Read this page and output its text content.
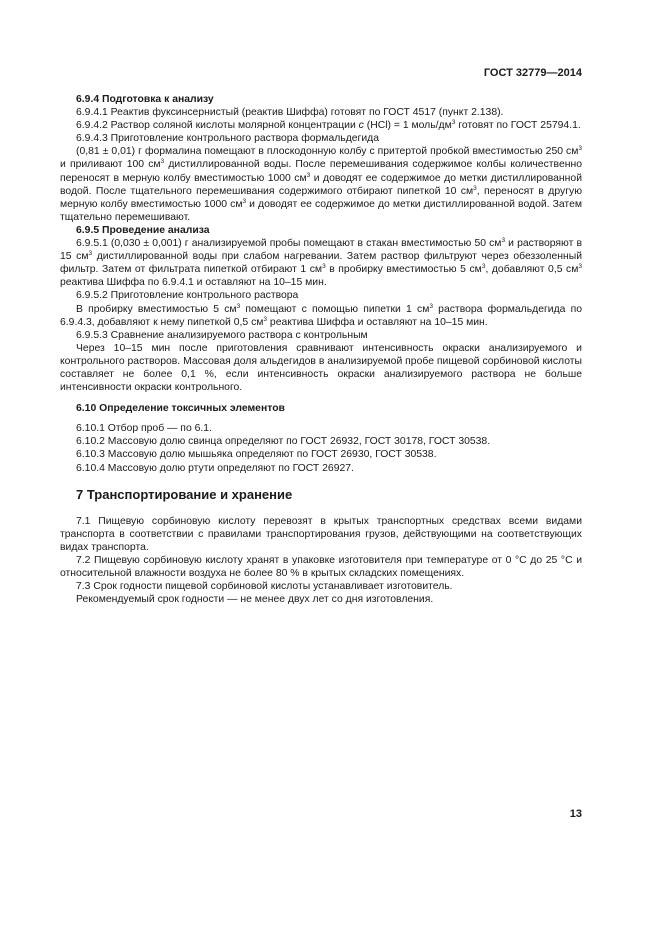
ГОСТ 32779—2014

6.9.4 Подготовка к анализу

6.9.4.1 Реактив фуксинсернистый (реактив Шиффа) готовят по ГОСТ 4517 (пункт 2.138).

6.9.4.2 Раствор соляной кислоты молярной концентрации c (HCl) = 1 моль/$дм^3$ готовят по ГОСТ 25794.1.

6.9.4.3 Приготовление контрольного раствора формальдегида

(0,81 ± 0,01) г формалина помещают в плоскодонную колбу с притертой пробкой вместимостью 250 $см^3$ и приливают 100 $см^3$ дистиллированной воды. После перемешивания содержимое колбы количественно переносят в мерную колбу вместимостью 1000 $см^3$ и доводят ее содержимое до метки дистиллированной водой. После тщательного перемешивания содержимого отбирают пипеткой 10 $см^3$, переносят в другую мерную колбу вместимостью 1000 $см^3$ и доводят ее содержимое до метки дистиллированной водой. Затем тщательно перемешивают.

6.9.5 Проведение анализа

6.9.5.1 (0,030 ± 0,001) г анализируемой пробы помещают в стакан вместимостью 50 $см^3$ и растворяют в 15 $см^3$ дистиллированной воды при слабом нагревании. Затем раствор фильтруют через обеззоленный фильтр. Затем от фильтрата пипеткой отбирают 1 $см^3$ в пробирку вместимостью 5 $см^3$, добавляют 0,5 $см^3$ реактива Шиффа по 6.9.4.1 и оставляют на 10–15 мин.

6.9.5.2 Приготовление контрольного раствора

В пробирку вместимостью 5 $см^3$ помещают с помощью пипетки 1 $см^3$ раствора формальдегида по 6.9.4.3, добавляют к нему пипеткой 0,5 $см^3$ реактива Шиффа и оставляют на 10–15 мин.

6.9.5.3 Сравнение анализируемого раствора с контрольным

Через 10–15 мин после приготовления сравнивают интенсивность окраски анализируемого и контрольного растворов. Массовая доля альдегидов в анализируемой пробе пищевой сорбиновой кислоты составляет не более 0,1 %, если интенсивность окраски анализируемого раствора не больше интенсивности окраски контрольного.

6.10 Определение токсичных элементов

6.10.1 Отбор проб — по 6.1.

6.10.2 Массовую долю свинца определяют по ГОСТ 26932, ГОСТ 30178, ГОСТ 30538.

6.10.3 Массовую долю мышьяка определяют по ГОСТ 26930, ГОСТ 30538.

6.10.4 Массовую долю ртути определяют по ГОСТ 26927.

7 Транспортирование и хранение

7.1 Пищевую сорбиновую кислоту перевозят в крытых транспортных средствах всеми видами транспорта в соответствии с правилами транспортирования грузов, действующими на соответствующих видах транспорта.

7.2 Пищевую сорбиновую кислоту хранят в упаковке изготовителя при температуре от 0 °С до 25 °С и относительной влажности воздуха не более 80 % в крытых складских помещениях.

7.3 Срок годности пищевой сорбиновой кислоты устанавливает изготовитель.

Рекомендуемый срок годности — не менее двух лет со дня изготовления.

13
